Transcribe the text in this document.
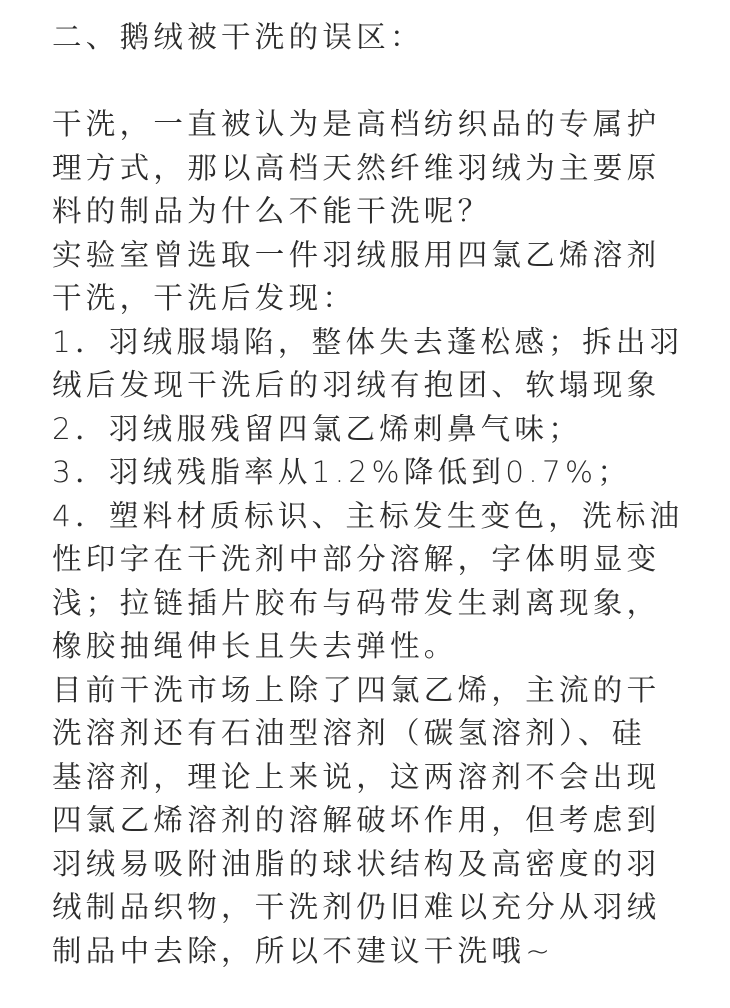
二、鹅绒被干洗的误区：
干洗，一直被认为是高档纺织品的专属护
理方式，那以高档天然纤维羽绒为主要原
料的制品为什么不能干洗呢？
实验室曾选取一件羽绒服用四氯乙烯溶剂
干洗，干洗后发现：
1．羽绒服塌陷，整体失去蓬松感；拆出羽
绒后发现干洗后的羽绒有抱团、软塌现象
2．羽绒服残留四氯乙烯刺鼻气味；
3．羽绒残脂率从1.2%降低到0.7%；
4．塑料材质标识、主标发生变色，洗标油
性印字在干洗剂中部分溶解，字体明显变
浅；拉链插片胶布与码带发生剥离现象，
橡胶抽绳伸长且失去弹性。
目前干洗市场上除了四氯乙烯，主流的干
洗溶剂还有石油型溶剂（碳氢溶剂）、硅
基溶剂，理论上来说，这两溶剂不会出现
四氯乙烯溶剂的溶解破坏作用，但考虑到
羽绒易吸附油脂的球状结构及高密度的羽
绒制品织物，干洗剂仍旧难以充分从羽绒
制品中去除，所以不建议干洗哦~
